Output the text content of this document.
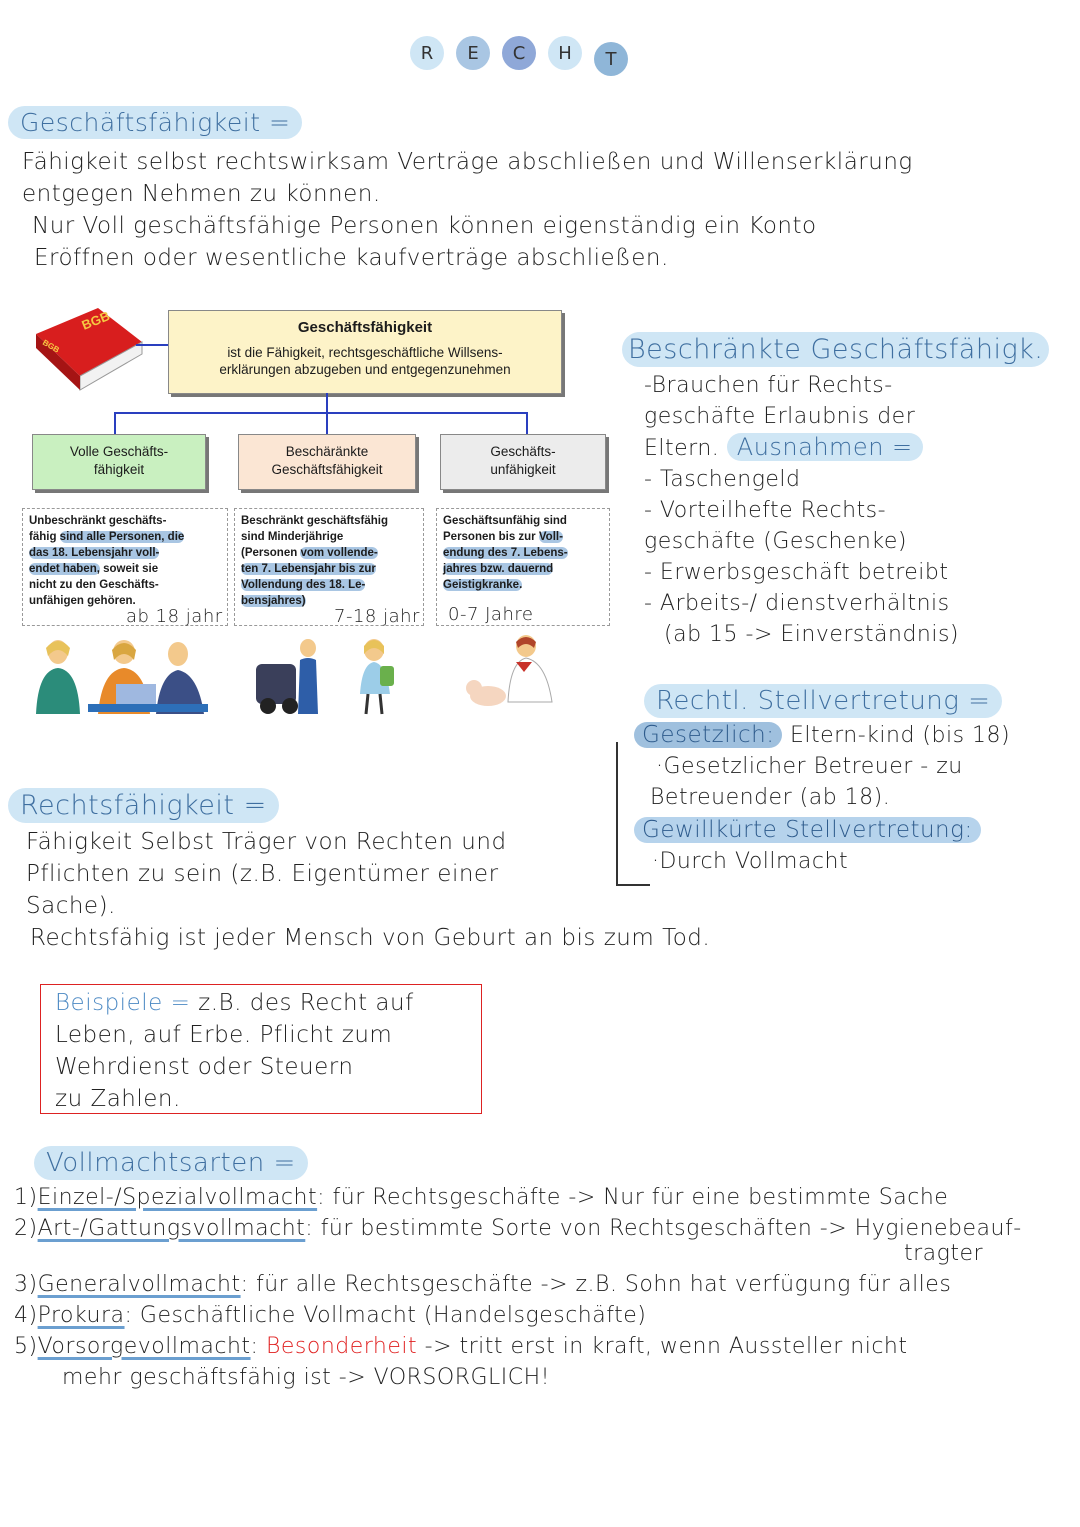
R	E	C	H	T
Geschäftsfähigkeit =
Fähigkeit selbst rechtswirksam Verträge abschließen und Willenserklärung
entgegen Nehmen zu können.
Nur Voll geschäftsfähige Personen können eigenständig ein Konto
Eröffnen oder wesentliche kaufverträge abschließen.
BGB
BGB
Geschäftsfähigkeit
ist die Fähigkeit, rechtsgeschäftliche Willsens-
erklärungen abzugeben und entgegenzunehmen
Volle Geschäfts-
fähigkeit
Beschäränkte
Geschäftsfähigkeit
Geschäfts-
unfähigkeit
Unbeschränkt geschäfts-
fähig sind alle Personen, die
das 18. Lebensjahr voll-
endet haben, soweit sie
nicht zu den Geschäfts-
unfähigen gehören.
Beschränkt geschäftsfähig
sind Minderjährige
(Personen vom vollende-
ten 7. Lebensjahr bis zur
Vollendung des 18. Le-
bensjahres)
Geschäftsunfähig sind
Personen bis zur Voll-
endung des 7. Lebens-
jahres bzw. dauernd
Geistigkranke.
ab 18 jahr	7-18 jahr 0-7 Jahre
Beschränkte Geschäftsfähigk.
-Brauchen für Rechts-
geschäfte Erlaubnis der
Eltern. Ausnahmen =
- Taschengeld
- Vorteilhefte Rechts-
geschäfte (Geschenke)
- Erwerbsgeschäft betreibt
- Arbeits-/ dienstverhältnis
(ab 15 -> Einverständnis)
Rechtl. Stellvertretung =
Gesetzlich: Eltern-kind (bis 18)
·Gesetzlicher Betreuer - zu
Betreuender (ab 18).
Gewillkürte Stellvertretung:
·Durch Vollmacht
Rechtsfähigkeit =
Fähigkeit Selbst Träger von Rechten und
Pflichten zu sein (z.B. Eigentümer einer
Sache).
Rechtsfähig ist jeder Mensch von Geburt an bis zum Tod.
Beispiele = z.B. des Recht auf
Leben, auf Erbe. Pflicht zum
Wehrdienst oder Steuern
zu Zahlen.
Vollmachtsarten =
1)Einzel-/Spezialvollmacht: für Rechtsgeschäfte -> Nur für eine bestimmte Sache
2)Art-/Gattungsvollmacht: für bestimmte Sorte von Rechtsgeschäften -> Hygienebeauf-
tragter
3)Generalvollmacht: für alle Rechtsgeschäfte -> z.B. Sohn hat verfügung für alles
4)Prokura: Geschäftliche Vollmacht (Handelsgeschäfte)
5)Vorsorgevollmacht: Besonderheit -> tritt erst in kraft, wenn Aussteller nicht
mehr geschäftsfähig ist -> VORSORGLICH!
